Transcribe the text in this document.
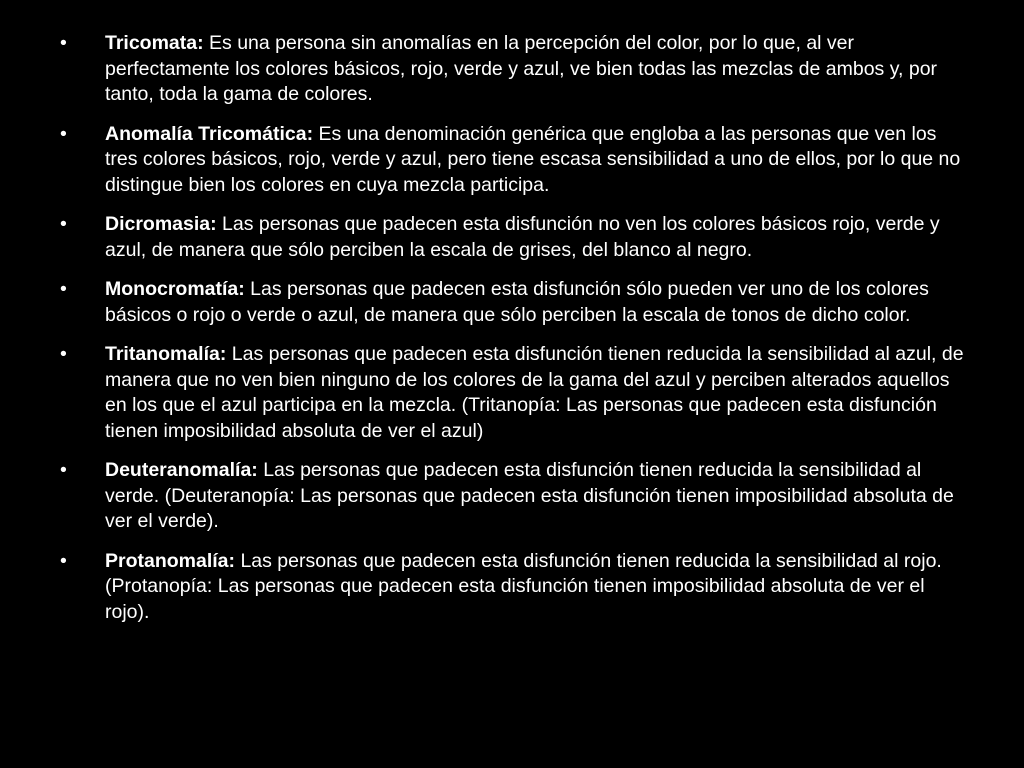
•	Tricomata: Es una persona sin anomalías en la percepción del color, por lo que, al ver perfectamente los colores básicos, rojo, verde y azul, ve bien todas las mezclas de ambos y, por tanto, toda la gama de colores.
•	Anomalía Tricomática: Es una denominación genérica que engloba a las personas que ven los tres colores básicos, rojo, verde y azul, pero tiene escasa sensibilidad a uno de ellos, por lo que no distingue bien los colores en cuya mezcla participa.
•	Dicromasia: Las personas que padecen esta disfunción no ven los colores básicos rojo, verde y azul, de manera que sólo perciben la escala de grises, del blanco al negro.
•	Monocromatía: Las personas que padecen esta disfunción sólo pueden ver uno de los colores básicos o rojo o verde o azul, de manera que sólo perciben la escala de tonos de dicho color.
•	Tritanomalía: Las personas que padecen esta disfunción tienen reducida la sensibilidad al azul, de manera que no ven bien ninguno de los colores de la gama del azul y perciben alterados aquellos en los que el azul participa en la mezcla. (Tritanopía: Las personas que padecen esta disfunción tienen imposibilidad absoluta de ver el azul)
•	Deuteranomalía: Las personas que padecen esta disfunción tienen reducida la sensibilidad al verde. (Deuteranopía: Las personas que padecen esta disfunción tienen imposibilidad absoluta de ver el verde).
•	Protanomalía: Las personas que padecen esta disfunción tienen reducida la sensibilidad al rojo. (Protanopía: Las personas que padecen esta disfunción tienen imposibilidad absoluta de ver el rojo).
